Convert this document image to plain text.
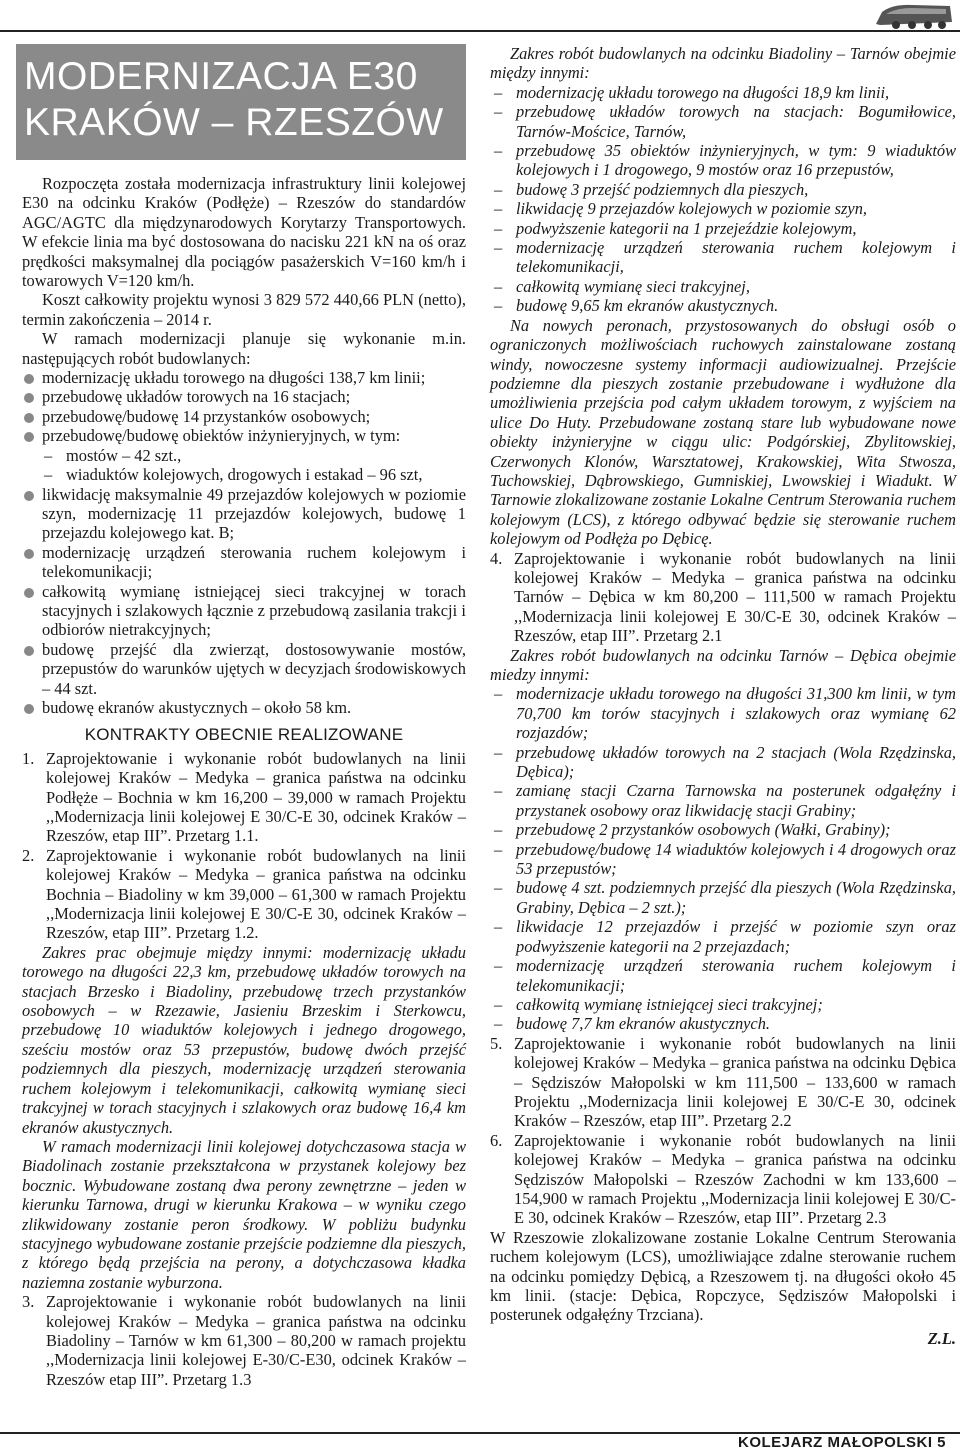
MODERNIZACJA E30
KRAKÓW – RZESZÓW

Rozpoczęta została modernizacja infrastruktury linii kolejowej E30 na odcinku Kraków (Podłęże) – Rzeszów do standardów AGC/AGTC dla międzynarodowych Korytarzy Transportowych. W efekcie linia ma być dostosowana do nacisku 221 kN na oś oraz prędkości maksymalnej dla pociągów pasażerskich V=160 km/h i towarowych V=120 km/h.

Koszt całkowity projektu wynosi 3 829 572 440,66 PLN (netto), termin zakończenia – 2014 r.

W ramach modernizacji planuje się wykonanie m.in. następujących robót budowlanych:

modernizację układu torowego na długości 138,7 km linii;
przebudowę układów torowych na 16 stacjach;
przebudowę/budowę 14 przystanków osobowych;
przebudowę/budowę obiektów inżynieryjnych, w tym:
– mostów – 42 szt.,
– wiaduktów kolejowych, drogowych i estakad – 96 szt,
likwidację maksymalnie 49 przejazdów kolejowych w poziomie szyn, modernizację 11 przejazdów kolejowych, budowę 1 przejazdu kolejowego kat. B;
modernizację urządzeń sterowania ruchem kolejowym i telekomunikacji;
całkowitą wymianę istniejącej sieci trakcyjnej w torach stacyjnych i szlakowych łącznie z przebudową zasilania trakcji i odbiorów nietrakcyjnych;
budowę przejść dla zwierząt, dostosowywanie mostów, przepustów do warunków ujętych w decyzjach środowiskowych – 44 szt.
budowę ekranów akustycznych – około 58 km.
KONTRAKTY OBECNIE REALIZOWANE
1. Zaprojektowanie i wykonanie robót budowlanych na linii kolejowej Kraków – Medyka – granica państwa na odcinku Podłęże – Bochnia w km 16,200 – 39,000 w ramach Projektu ,,Modernizacja linii kolejowej E 30/C-E 30, odcinek Kraków – Rzeszów, etap III”. Przetarg 1.1.
2. Zaprojektowanie i wykonanie robót budowlanych na linii kolejowej Kraków – Medyka – granica państwa na odcinku Bochnia – Biadoliny w km 39,000 – 61,300 w ramach Projektu ,,Modernizacja linii kolejowej E 30/C-E 30, odcinek Kraków – Rzeszów, etap III”. Przetarg 1.2.

Zakres prac obejmuje między innymi: modernizację układu torowego na długości 22,3 km, przebudowę układów torowych na stacjach Brzesko i Biadoliny, przebudowę trzech przystanków osobowych – w Rzezawie, Jasieniu Brzeskim i Sterkowcu, przebudowę 10 wiaduktów kolejowych i jednego drogowego, sześciu mostów oraz 53 przepustów, budowę dwóch przejść podziemnych dla pieszych, modernizację urządzeń sterowania ruchem kolejowym i telekomunikacji, całkowitą wymianę sieci trakcyjnej w torach stacyjnych i szlakowych oraz budowę 16,4 km ekranów akustycznych.

W ramach modernizacji linii kolejowej dotychczasowa stacja w Biadolinach zostanie przekształcona w przystanek kolejowy bez bocznic. Wybudowane zostaną dwa perony zewnętrzne – jeden w kierunku Tarnowa, drugi w kierunku Krakowa – w wyniku czego zlikwidowany zostanie peron środkowy. W pobliżu budynku stacyjnego wybudowane zostanie przejście podziemne dla pieszych, z którego będą przejścia na perony, a dotychczasowa kładka naziemna zostanie wyburzona.

3. Zaprojektowanie i wykonanie robót budowlanych na linii kolejowej Kraków – Medyka – granica państwa na odcinku Biadoliny – Tarnów w km 61,300 – 80,200 w ramach projektu ,,Modernizacja linii kolejowej E-30/C-E30, odcinek Kraków – Rzeszów etap III”. Przetarg 1.3

Zakres robót budowlanych na odcinku Biadoliny – Tarnów obejmie między innymi:

– modernizację układu torowego na długości 18,9 km linii,
– przebudowę układów torowych na stacjach: Bogumiłowice, Tarnów-Mościce, Tarnów,
– przebudowę 35 obiektów inżynieryjnych, w tym: 9 wiaduktów kolejowych i 1 drogowego, 9 mostów oraz 16 przepustów,
– budowę 3 przejść podziemnych dla pieszych,
– likwidację 9 przejazdów kolejowych w poziomie szyn,
– podwyższenie kategorii na 1 przejeździe kolejowym,
– modernizację urządzeń sterowania ruchem kolejowym i telekomunikacji,
– całkowitą wymianę sieci trakcyjnej,
– budowę 9,65 km ekranów akustycznych.

Na nowych peronach, przystosowanych do obsługi osób o ograniczonych możliwościach ruchowych zainstalowane zostaną windy, nowoczesne systemy informacji audiowizualnej. Przejście podziemne dla pieszych zostanie przebudowane i wydłużone dla umożliwienia przejścia pod całym układem torowym, z wyjściem na ulice Do Huty. Przebudowane zostaną stare lub wybudowane nowe obiekty inżynieryjne w ciągu ulic: Podgórskiej, Zbylitowskiej, Czerwonych Klonów, Warsztatowej, Krakowskiej, Wita Stwosza, Tuchowskiej, Dąbrowskiego, Gumniskiej, Lwowskiej i Wiadukt. W Tarnowie zlokalizowane zostanie Lokalne Centrum Sterowania ruchem kolejowym (LCS), z którego odbywać będzie się sterowanie ruchem kolejowym od Podłęża po Dębicę.

4. Zaprojektowanie i wykonanie robót budowlanych na linii kolejowej Kraków – Medyka – granica państwa na odcinku Tarnów – Dębica w km 80,200 – 111,500 w ramach Projektu ,,Modernizacja linii kolejowej E 30/C-E 30, odcinek Kraków – Rzeszów, etap III”. Przetarg 2.1

Zakres robót budowlanych na odcinku Tarnów – Dębica obejmie miedzy innymi:

– modernizacje układu torowego na długości 31,300 km linii, w tym 70,700 km torów stacyjnych i szlakowych oraz wymianę 62 rozjazdów;
– przebudowę układów torowych na 2 stacjach (Wola Rzędzinska, Dębica);
– zamianę stacji Czarna Tarnowska na posterunek odgałęźny i przystanek osobowy oraz likwidację stacji Grabiny;
– przebudowę 2 przystanków osobowych (Wałki, Grabiny);
– przebudowę/budowę 14 wiaduktów kolejowych i 4 drogowych oraz 53 przepustów;
– budowę 4 szt. podziemnych przejść dla pieszych (Wola Rzędzinska, Grabiny, Dębica – 2 szt.);
– likwidacje 12 przejazdów i przejść w poziomie szyn oraz podwyższenie kategorii na 2 przejazdach;
– modernizację urządzeń sterowania ruchem kolejowym i telekomunikacji;
– całkowitą wymianę istniejącej sieci trakcyjnej;
– budowę 7,7 km ekranów akustycznych.
5. Zaprojektowanie i wykonanie robót budowlanych na linii kolejowej Kraków – Medyka – granica państwa na odcinku Dębica – Sędziszów Małopolski w km 111,500 – 133,600 w ramach Projektu ,,Modernizacja linii kolejowej E 30/C-E 30, odcinek Kraków – Rzeszów, etap III”. Przetarg 2.2
6. Zaprojektowanie i wykonanie robót budowlanych na linii kolejowej Kraków – Medyka – granica państwa na odcinku Sędziszów Małopolski – Rzeszów Zachodni w km 133,600 – 154,900 w ramach Projektu ,,Modernizacja linii kolejowej E 30/C-E 30, odcinek Kraków – Rzeszów, etap III”. Przetarg 2.3

W Rzeszowie zlokalizowane zostanie Lokalne Centrum Sterowania ruchem kolejowym (LCS), umożliwiające zdalne sterowanie ruchem na odcinku pomiędzy Dębicą, a Rzeszowem tj. na długości około 45 km linii. (stacje: Dębica, Ropczyce, Sędziszów Małopolski i posterunek odgałęźny Trzciana).

Z.L.
KOLEJARZ MAŁOPOLSKI 5
